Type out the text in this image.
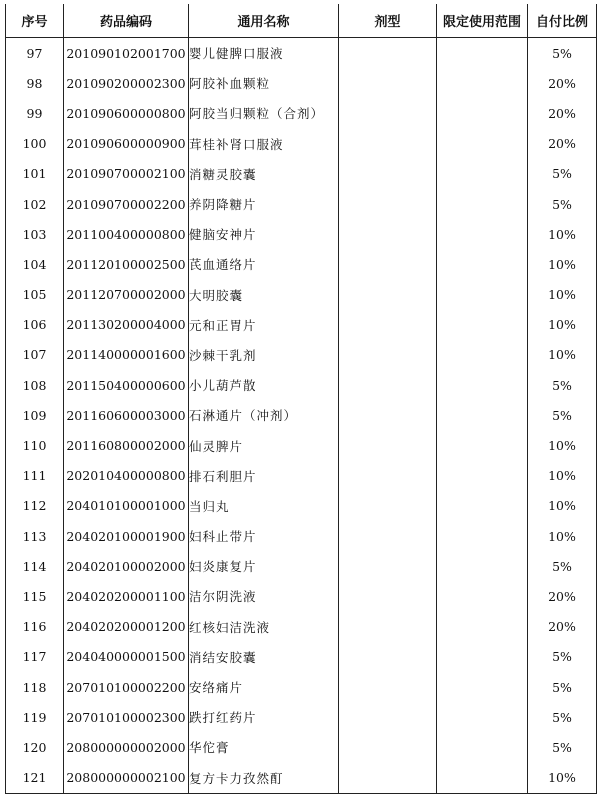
序号	药品编码	通用名称	剂型	限定使用范围	自付比例
97	201090102001700	婴儿健脾口服液			5%
98	201090200002300	阿胶补血颗粒			20%
99	201090600000800	阿胶当归颗粒（合剂）			20%
100	201090600000900	茸桂补肾口服液			20%
101	201090700002100	消糖灵胶囊			5%
102	201090700002200	养阴降糖片			5%
103	201100400000800	健脑安神片			10%
104	201120100002500	芪血通络片			10%
105	201120700002000	大明胶囊			10%
106	201130200004000	元和正胃片			10%
107	201140000001600	沙棘干乳剂			10%
108	201150400000600	小儿葫芦散			5%
109	201160600003000	石淋通片（冲剂）			5%
110	201160800002000	仙灵脾片			10%
111	202010400000800	排石利胆片			10%
112	204010100001000	当归丸			10%
113	204020100001900	妇科止带片			10%
114	204020100002000	妇炎康复片			5%
115	204020200001100	洁尔阴洗液			20%
116	204020200001200	红核妇洁洗液			20%
117	204040000001500	消结安胶囊			5%
118	207010100002200	安络痛片			5%
119	207010100002300	跌打红药片			5%
120	208000000002000	华佗膏			5%
121	208000000002100	复方卡力孜然酊			10%
